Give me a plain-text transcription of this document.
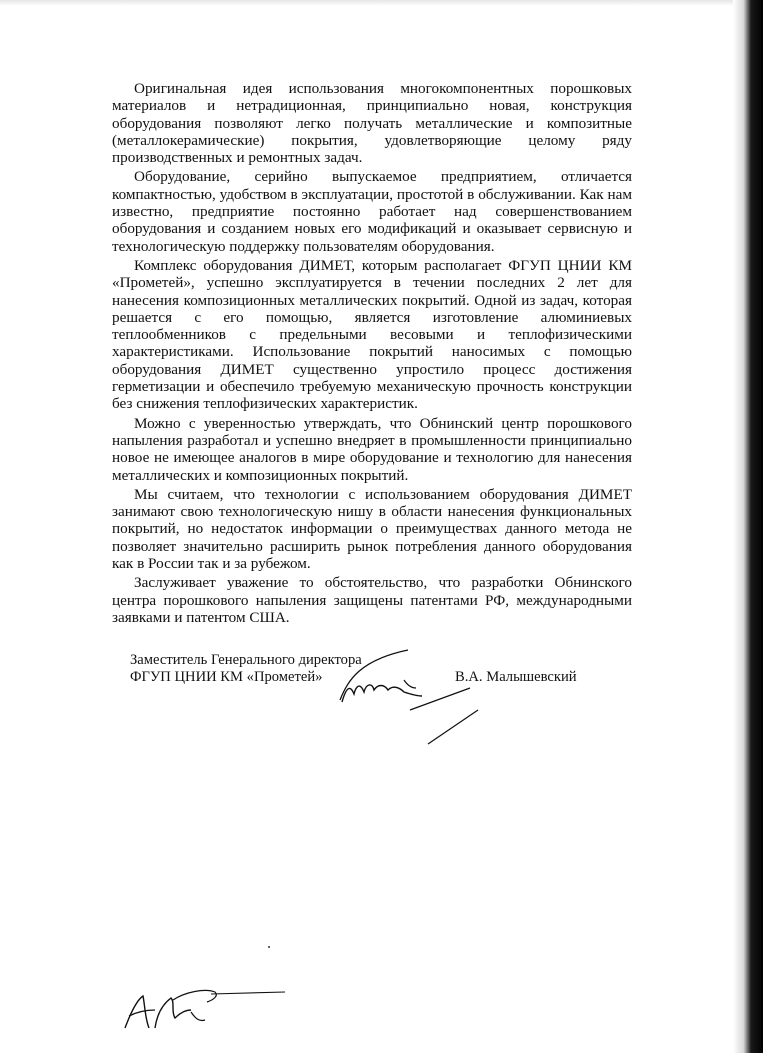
Оригинальная идея использования многокомпонентных порошковых материалов и нетрадиционная, принципиально новая, конструкция оборудования позволяют легко получать металлические и композитные (металлокерамические) покрытия, удовлетворяющие целому ряду производственных и ремонтных задач.

Оборудование, серийно выпускаемое предприятием, отличается компактностью, удобством в эксплуатации, простотой в обслуживании. Как нам известно, предприятие постоянно работает над совершенствованием оборудования и созданием новых его модификаций и оказывает сервисную и технологическую поддержку пользователям оборудования.

Комплекс оборудования ДИМЕТ, которым располагает ФГУП ЦНИИ КМ «Прометей», успешно эксплуатируется в течении последних 2 лет для нанесения композиционных металлических покрытий. Одной из задач, которая решается с его помощью, является изготовление алюминиевых теплообменников с предельными весовыми и теплофизическими характеристиками. Использование покрытий наносимых с помощью оборудования ДИМЕТ существенно упростило процесс достижения герметизации и обеспечило требуемую механическую прочность конструкции без снижения теплофизических характеристик.

Можно с уверенностью утверждать, что Обнинский центр порошкового напыления разработал и успешно внедряет в промышленности принципиально новое не имеющее аналогов в мире оборудование и технологию для нанесения металлических и композиционных покрытий.

Мы считаем, что технологии с использованием оборудования ДИМЕТ занимают свою технологическую нишу в области нанесения функциональных покрытий, но недостаток информации о преимуществах данного метода не позволяет значительно расширить рынок потребления данного оборудования как в России так и за рубежом.

Заслуживает уважение то обстоятельство, что разработки Обнинского центра порошкового напыления защищены патентами РФ, международными заявками и патентом США.

Заместитель Генерального директора
ФГУП ЦНИИ КМ «Прометей»	В.А. Малышевский
